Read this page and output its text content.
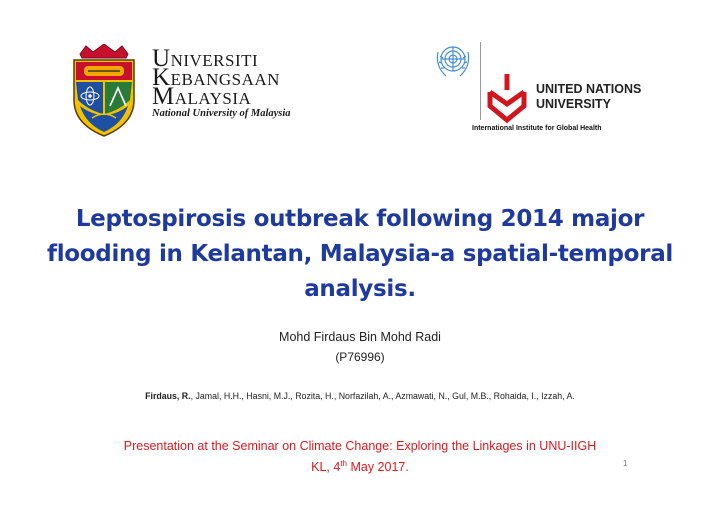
UNIVERSITI
KEBANGSAAN
MALAYSIA
National University of Malaysia
UNITED NATIONS
UNIVERSITY
International Institute for Global Health
Leptospirosis outbreak following 2014 major
flooding in Kelantan, Malaysia-a spatial-temporal
analysis.
Mohd Firdaus Bin Mohd Radi
(P76996)
Firdaus, R., Jamal, H.H., Hasni, M.J., Rozita, H., Norfazilah, A., Azmawati, N., Gul, M.B., Rohaida, I., Izzah, A.
Presentation at the Seminar on Climate Change: Exploring the Linkages in UNU-IIGH
KL, 4th May 2017.	1
